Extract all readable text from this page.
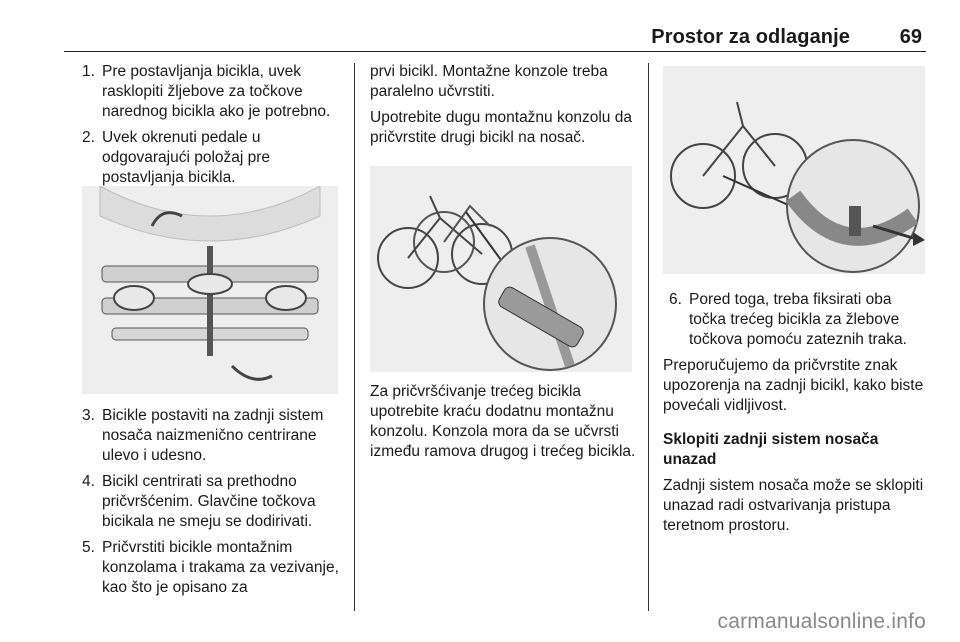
Prostor za odlaganje 69
1. Pre postavljanja bicikla, uvek rasklopiti žljebove za točkove narednog bicikla ako je potrebno.
2. Uvek okrenuti pedale u odgovarajući položaj pre postavljanja bicikla.
3. Bicikle postaviti na zadnji sistem nosača naizmenično centrirane ulevo i udesno.
4. Bicikl centrirati sa prethodno pričvršćenim. Glavčine točkova bicikala ne smeju se dodirivati.
5. Pričvrstiti bicikle montažnim konzolama i trakama za vezivanje, kao što je opisano za

prvi bicikl. Montažne konzole treba paralelno učvrstiti.

Upotrebite dugu montažnu konzolu da pričvrstite drugi bicikl na nosač.

Za pričvršćivanje trećeg bicikla upotrebite kraću dodatnu montažnu konzolu. Konzola mora da se učvrsti između ramova drugog i trećeg bicikla.

6. Pored toga, treba fiksirati oba točka trećeg bicikla za žlebove točkova pomoću zateznih traka.

Preporučujemo da pričvrstite znak upozorenja na zadnji bicikl, kako biste povećali vidljivost.

Sklopiti zadnji sistem nosača unazad

Zadnji sistem nosača može se sklopiti unazad radi ostvarivanja pristupa teretnom prostoru.

carmanualsonline.info
